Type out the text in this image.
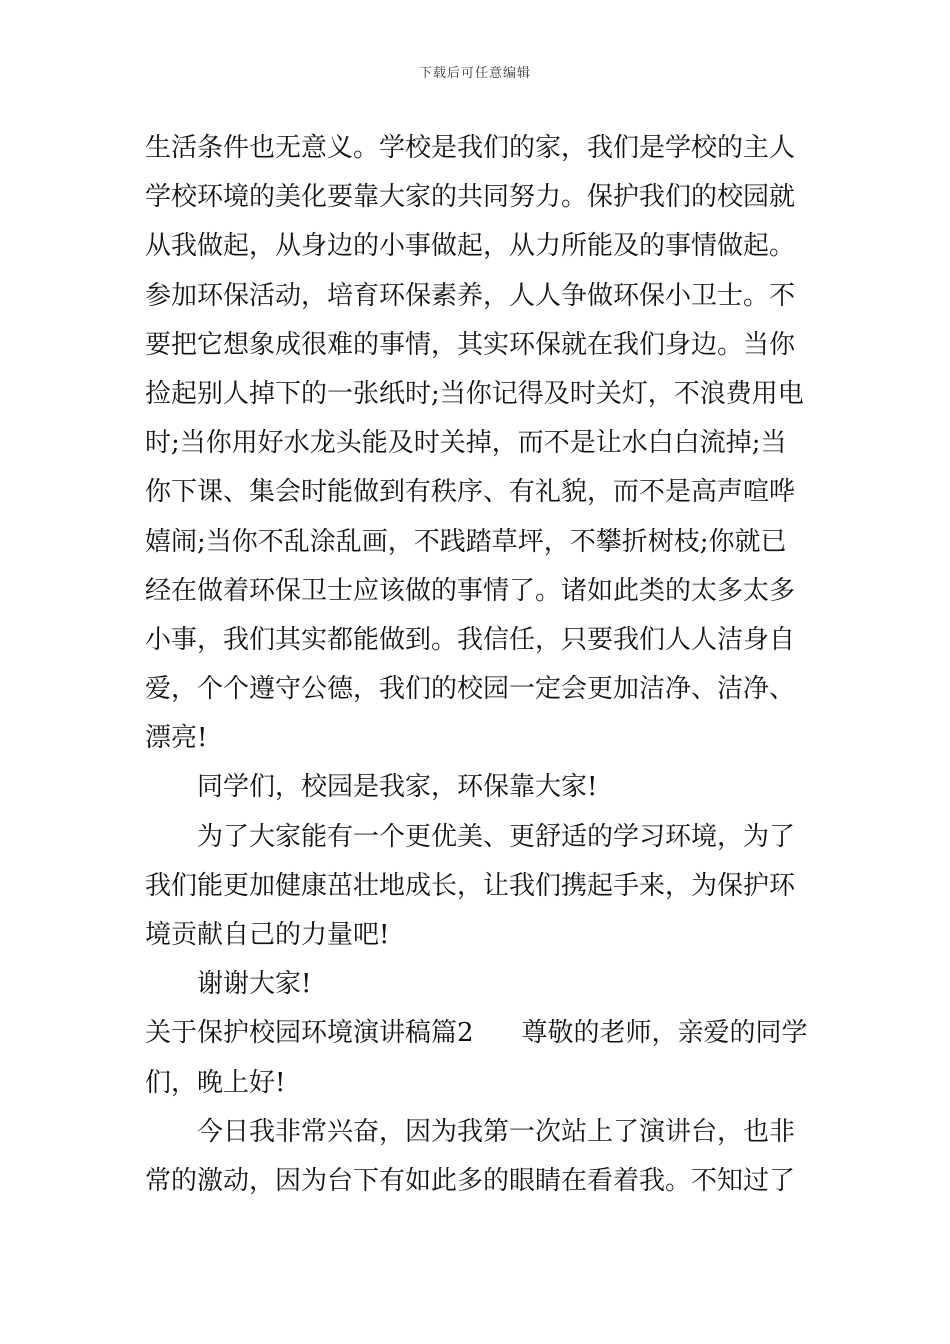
下载后可任意编辑
生活条件也无意义。学校是我们的家，我们是学校的主人
学校环境的美化要靠大家的共同努力。保护我们的校园就
从我做起，从身边的小事做起，从力所能及的事情做起。
参加环保活动，培育环保素养，人人争做环保小卫士。不
要把它想象成很难的事情，其实环保就在我们身边。当你
捡起别人掉下的一张纸时;当你记得及时关灯，不浪费用电
时;当你用好水龙头能及时关掉，而不是让水白白流掉;当
你下课、集会时能做到有秩序、有礼貌，而不是高声喧哗
嬉闹;当你不乱涂乱画，不践踏草坪，不攀折树枝;你就已
经在做着环保卫士应该做的事情了。诸如此类的太多太多
小事，我们其实都能做到。我信任，只要我们人人洁身自
爱，个个遵守公德，我们的校园一定会更加洁净、洁净、
漂亮!
同学们，校园是我家，环保靠大家!
为了大家能有一个更优美、更舒适的学习环境，为了
我们能更加健康茁壮地成长，让我们携起手来，为保护环
境贡献自己的力量吧!
谢谢大家!
关于保护校园环境演讲稿篇2 尊敬的老师，亲爱的同学
们，晚上好!
今日我非常兴奋，因为我第一次站上了演讲台，也非
常的激动，因为台下有如此多的眼睛在看着我。不知过了
